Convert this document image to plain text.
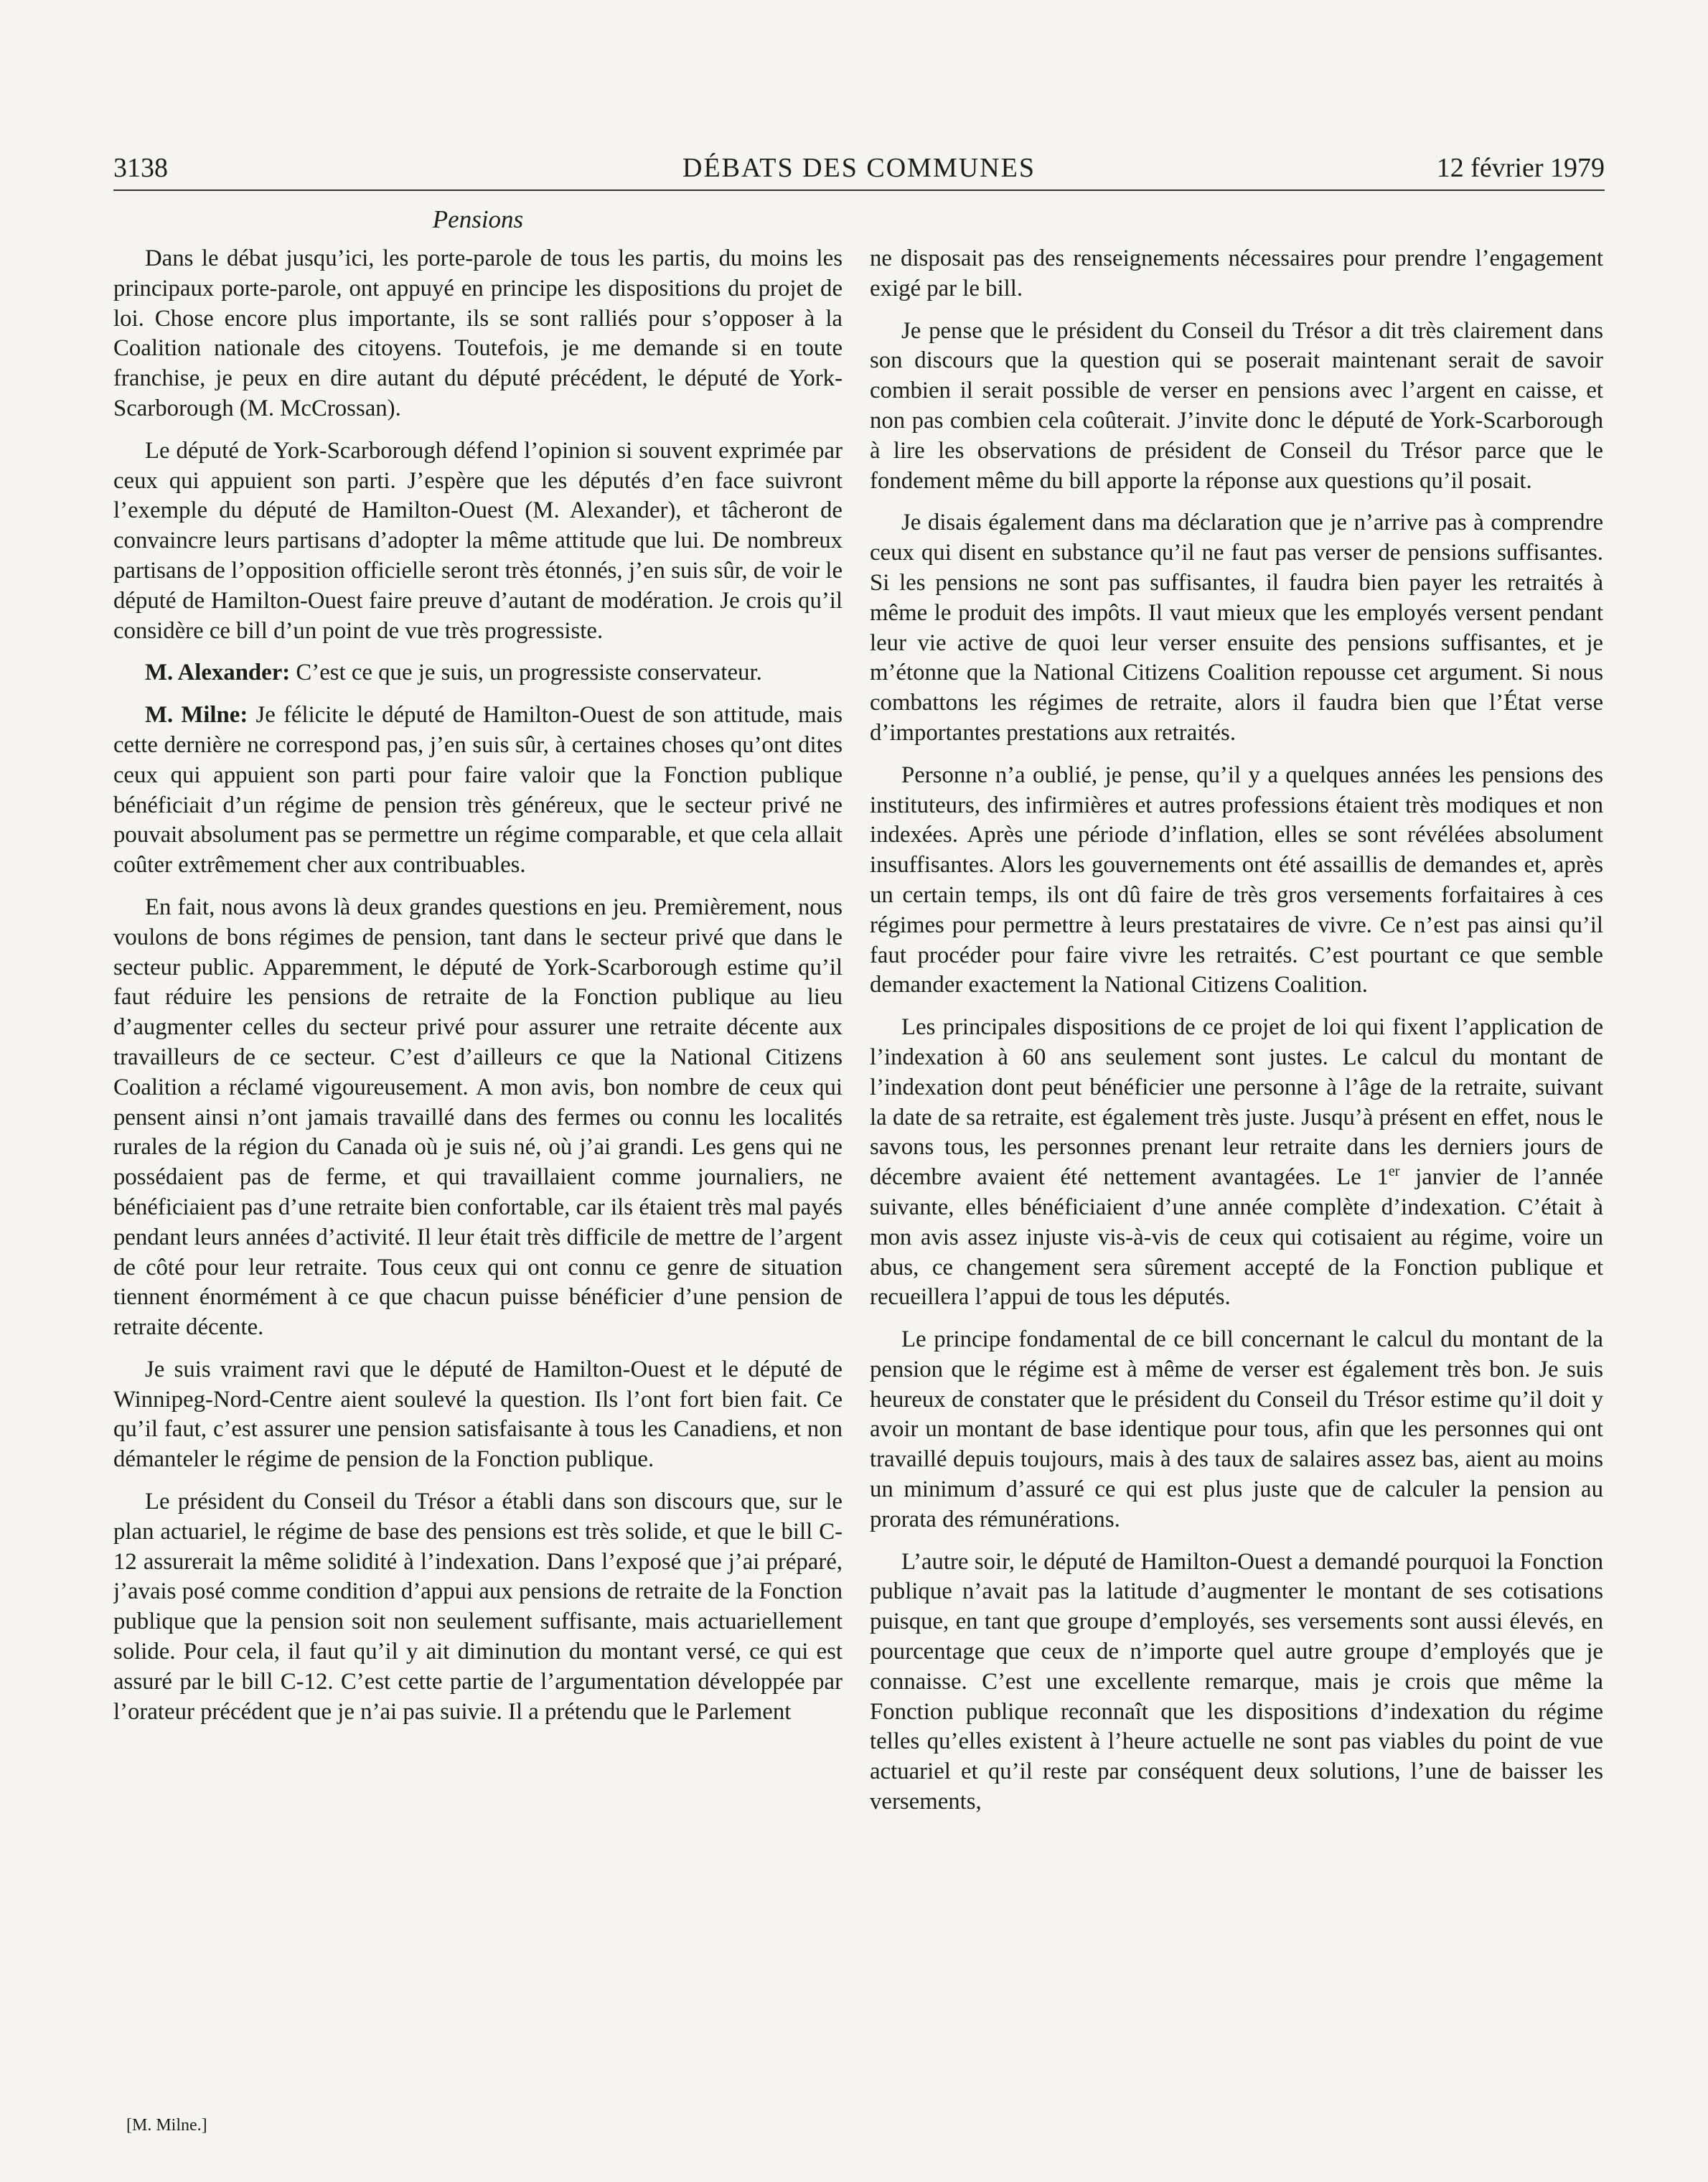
3138	DÉBATS DES COMMUNES	12 février 1979
Pensions

Dans le débat jusqu’ici, les porte-parole de tous les partis, du moins les principaux porte-parole, ont appuyé en principe les dispositions du projet de loi. Chose encore plus importante, ils se sont ralliés pour s’opposer à la Coalition nationale des citoyens. Toutefois, je me demande si en toute franchise, je peux en dire autant du député précédent, le député de York-Scarborough (M. McCrossan).

Le député de York-Scarborough défend l’opinion si souvent exprimée par ceux qui appuient son parti. J’espère que les députés d’en face suivront l’exemple du député de Hamilton-Ouest (M. Alexander), et tâcheront de convaincre leurs partisans d’adopter la même attitude que lui. De nombreux partisans de l’opposition officielle seront très étonnés, j’en suis sûr, de voir le député de Hamilton-Ouest faire preuve d’autant de modération. Je crois qu’il considère ce bill d’un point de vue très progressiste.

M. Alexander: C’est ce que je suis, un progressiste conservateur.

M. Milne: Je félicite le député de Hamilton-Ouest de son attitude, mais cette dernière ne correspond pas, j’en suis sûr, à certaines choses qu’ont dites ceux qui appuient son parti pour faire valoir que la Fonction publique bénéficiait d’un régime de pension très généreux, que le secteur privé ne pouvait absolument pas se permettre un régime comparable, et que cela allait coûter extrêmement cher aux contribuables.

En fait, nous avons là deux grandes questions en jeu. Premièrement, nous voulons de bons régimes de pension, tant dans le secteur privé que dans le secteur public. Apparemment, le député de York-Scarborough estime qu’il faut réduire les pensions de retraite de la Fonction publique au lieu d’augmenter celles du secteur privé pour assurer une retraite décente aux travailleurs de ce secteur. C’est d’ailleurs ce que la National Citizens Coalition a réclamé vigoureusement. A mon avis, bon nombre de ceux qui pensent ainsi n’ont jamais travaillé dans des fermes ou connu les localités rurales de la région du Canada où je suis né, où j’ai grandi. Les gens qui ne possédaient pas de ferme, et qui travaillaient comme journaliers, ne bénéficiaient pas d’une retraite bien confortable, car ils étaient très mal payés pendant leurs années d’activité. Il leur était très difficile de mettre de l’argent de côté pour leur retraite. Tous ceux qui ont connu ce genre de situation tiennent énormément à ce que chacun puisse bénéficier d’une pension de retraite décente.

Je suis vraiment ravi que le député de Hamilton-Ouest et le député de Winnipeg-Nord-Centre aient soulevé la question. Ils l’ont fort bien fait. Ce qu’il faut, c’est assurer une pension satisfaisante à tous les Canadiens, et non démanteler le régime de pension de la Fonction publique.

Le président du Conseil du Trésor a établi dans son discours que, sur le plan actuariel, le régime de base des pensions est très solide, et que le bill C-12 assurerait la même solidité à l’indexation. Dans l’exposé que j’ai préparé, j’avais posé comme condition d’appui aux pensions de retraite de la Fonction publique que la pension soit non seulement suffisante, mais actuariellement solide. Pour cela, il faut qu’il y ait diminution du montant versé, ce qui est assuré par le bill C-12. C’est cette partie de l’argumentation développée par l’orateur précédent que je n’ai pas suivie. Il a prétendu que le Parlement

ne disposait pas des renseignements nécessaires pour prendre l’engagement exigé par le bill.

Je pense que le président du Conseil du Trésor a dit très clairement dans son discours que la question qui se poserait maintenant serait de savoir combien il serait possible de verser en pensions avec l’argent en caisse, et non pas combien cela coûterait. J’invite donc le député de York-Scarborough à lire les observations de président de Conseil du Trésor parce que le fondement même du bill apporte la réponse aux questions qu’il posait.

Je disais également dans ma déclaration que je n’arrive pas à comprendre ceux qui disent en substance qu’il ne faut pas verser de pensions suffisantes. Si les pensions ne sont pas suffisantes, il faudra bien payer les retraités à même le produit des impôts. Il vaut mieux que les employés versent pendant leur vie active de quoi leur verser ensuite des pensions suffisantes, et je m’étonne que la National Citizens Coalition repousse cet argument. Si nous combattons les régimes de retraite, alors il faudra bien que l’État verse d’importantes prestations aux retraités.

Personne n’a oublié, je pense, qu’il y a quelques années les pensions des instituteurs, des infirmières et autres professions étaient très modiques et non indexées. Après une période d’inflation, elles se sont révélées absolument insuffisantes. Alors les gouvernements ont été assaillis de demandes et, après un certain temps, ils ont dû faire de très gros versements forfaitaires à ces régimes pour permettre à leurs prestataires de vivre. Ce n’est pas ainsi qu’il faut procéder pour faire vivre les retraités. C’est pourtant ce que semble demander exactement la National Citizens Coalition.

Les principales dispositions de ce projet de loi qui fixent l’application de l’indexation à 60 ans seulement sont justes. Le calcul du montant de l’indexation dont peut bénéficier une personne à l’âge de la retraite, suivant la date de sa retraite, est également très juste. Jusqu’à présent en effet, nous le savons tous, les personnes prenant leur retraite dans les derniers jours de décembre avaient été nettement avantagées. Le 1er janvier de l’année suivante, elles bénéficiaient d’une année complète d’indexation. C’était à mon avis assez injuste vis-à-vis de ceux qui cotisaient au régime, voire un abus, ce changement sera sûrement accepté de la Fonction publique et recueillera l’appui de tous les députés.

Le principe fondamental de ce bill concernant le calcul du montant de la pension que le régime est à même de verser est également très bon. Je suis heureux de constater que le président du Conseil du Trésor estime qu’il doit y avoir un montant de base identique pour tous, afin que les personnes qui ont travaillé depuis toujours, mais à des taux de salaires assez bas, aient au moins un minimum d’assuré ce qui est plus juste que de calculer la pension au prorata des rémunérations.

L’autre soir, le député de Hamilton-Ouest a demandé pourquoi la Fonction publique n’avait pas la latitude d’augmenter le montant de ses cotisations puisque, en tant que groupe d’employés, ses versements sont aussi élevés, en pourcentage que ceux de n’importe quel autre groupe d’employés que je connaisse. C’est une excellente remarque, mais je crois que même la Fonction publique reconnaît que les dispositions d’indexation du régime telles qu’elles existent à l’heure actuelle ne sont pas viables du point de vue actuariel et qu’il reste par conséquent deux solutions, l’une de baisser les versements,

[M. Milne.]
